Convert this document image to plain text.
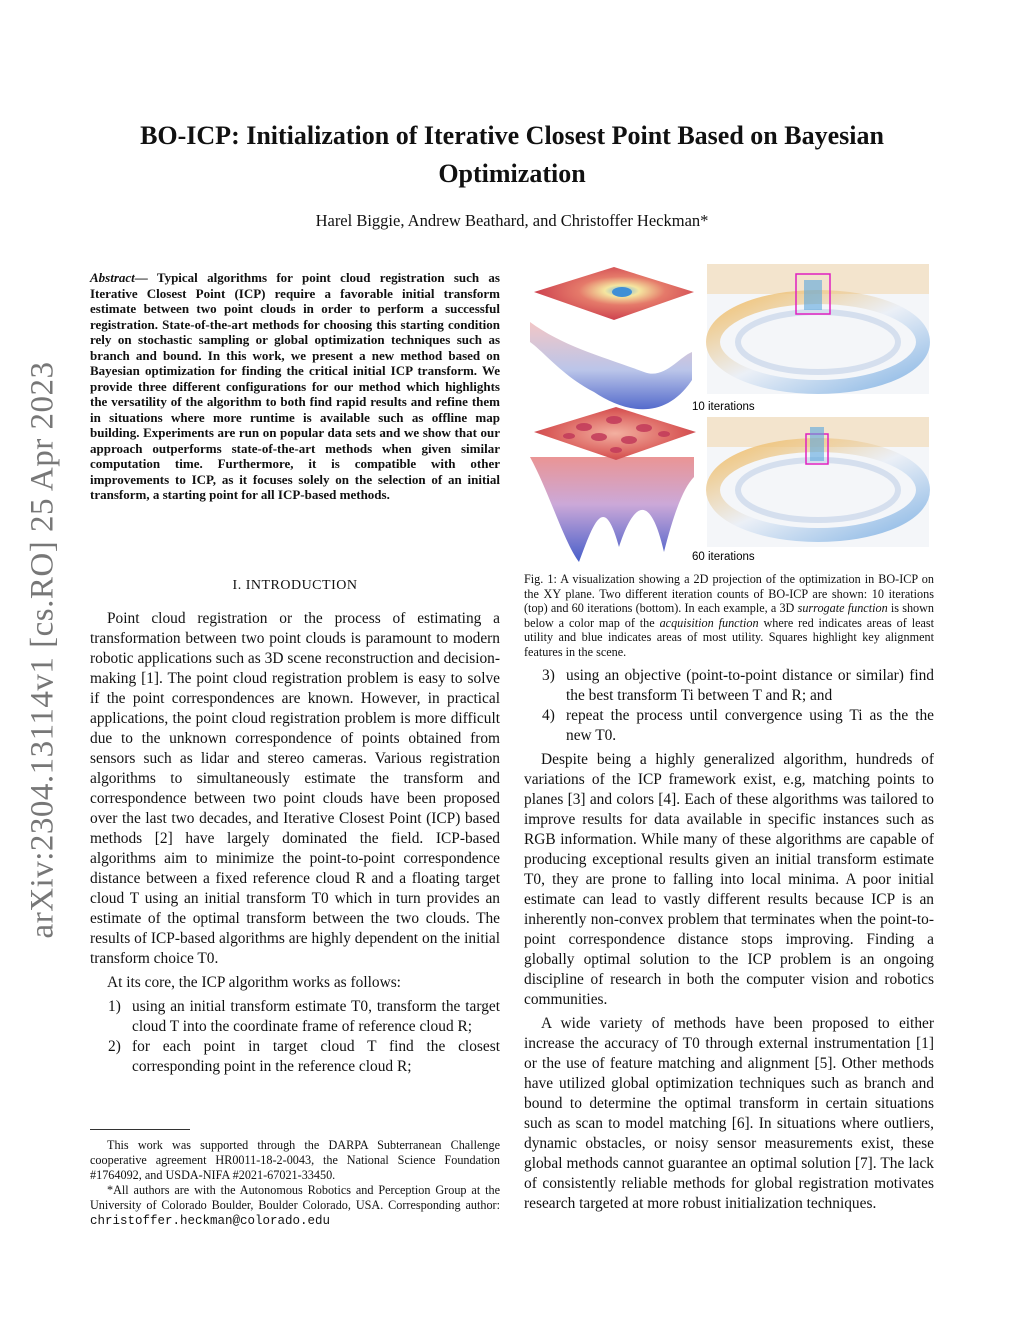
arXiv:2304.13114v1 [cs.RO] 25 Apr 2023
BO-ICP: Initialization of Iterative Closest Point Based on Bayesian Optimization
Harel Biggie, Andrew Beathard, and Christoffer Heckman*
Abstract— Typical algorithms for point cloud registration such as Iterative Closest Point (ICP) require a favorable initial transform estimate between two point clouds in order to perform a successful registration. State-of-the-art methods for choosing this starting condition rely on stochastic sampling or global optimization techniques such as branch and bound. In this work, we present a new method based on Bayesian optimization for finding the critical initial ICP transform. We provide three different configurations for our method which highlights the versatility of the algorithm to both find rapid results and refine them in situations where more runtime is available such as offline map building. Experiments are run on popular data sets and we show that our approach outperforms state-of-the-art methods when given similar computation time. Furthermore, it is compatible with other improvements to ICP, as it focuses solely on the selection of an initial transform, a starting point for all ICP-based methods.
I. INTRODUCTION

Point cloud registration or the process of estimating a transformation between two point clouds is paramount to modern robotic applications such as 3D scene reconstruction and decision-making [1]. The point cloud registration problem is easy to solve if the point correspondences are known. However, in practical applications, the point cloud registration problem is more difficult due to the unknown correspondence of points obtained from sensors such as lidar and stereo cameras. Various registration algorithms to simultaneously estimate the transform and correspondence between two point clouds have been proposed over the last two decades, and Iterative Closest Point (ICP) based methods [2] have largely dominated the field. ICP-based algorithms aim to minimize the point-to-point correspondence distance between a fixed reference cloud R and a floating target cloud T using an initial transform T0 which in turn provides an estimate of the optimal transform between the two clouds. The results of ICP-based algorithms are highly dependent on the initial transform choice T0.

At its core, the ICP algorithm works as follows:

1) using an initial transform estimate T0, transform the target cloud T into the coordinate frame of reference cloud R;
2) for each point in target cloud T find the closest corresponding point in the reference cloud R;

This work was supported through the DARPA Subterranean Challenge cooperative agreement HR0011-18-2-0043, the National Science Foundation #1764092, and USDA-NIFA #2021-67021-33450.

*All authors are with the Autonomous Robotics and Perception Group at the University of Colorado Boulder, Boulder Colorado, USA. Corresponding author: christoffer.heckman@colorado.edu

10 iterations
60 iterations
Fig. 1: A visualization showing a 2D projection of the optimization in BO-ICP on the XY plane. Two different iteration counts of BO-ICP are shown: 10 iterations (top) and 60 iterations (bottom). In each example, a 3D surrogate function is shown below a color map of the acquisition function where red indicates areas of least utility and blue indicates areas of most utility. Squares highlight key alignment features in the scene.
3) using an objective (point-to-point distance or similar) find the best transform Ti between T and R; and
4) repeat the process until convergence using Ti as the the new T0.

Despite being a highly generalized algorithm, hundreds of variations of the ICP framework exist, e.g, matching points to planes [3] and colors [4]. Each of these algorithms was tailored to improve results for data available in specific instances such as RGB information. While many of these algorithms are capable of producing exceptional results given an initial transform estimate T0, they are prone to falling into local minima. A poor initial estimate can lead to vastly different results because ICP is an inherently non-convex problem that terminates when the point-to-point correspondence distance stops improving. Finding a globally optimal solution to the ICP problem is an ongoing discipline of research in both the computer vision and robotics communities.

A wide variety of methods have been proposed to either increase the accuracy of T0 through external instrumentation [1] or the use of feature matching and alignment [5]. Other methods have utilized global optimization techniques such as branch and bound to determine the optimal transform in certain situations such as scan to model matching [6]. In situations where outliers, dynamic obstacles, or noisy sensor measurements exist, these global methods cannot guarantee an optimal solution [7]. The lack of consistently reliable methods for global registration motivates research targeted at more robust initialization techniques.
